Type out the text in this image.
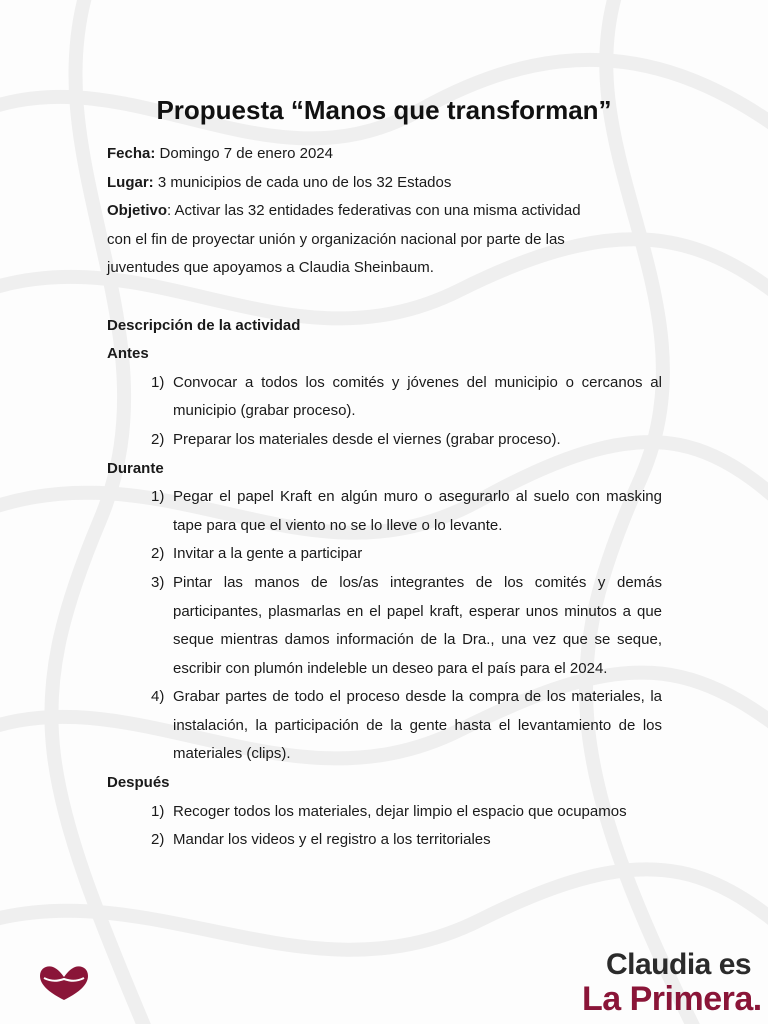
Propuesta “Manos que transforman”

Fecha: Domingo 7 de enero 2024

Lugar: 3 municipios de cada uno de los 32 Estados

Objetivo: Activar las 32 entidades federativas con una misma actividad

con el fin de proyectar unión y organización nacional por parte de las

juventudes que apoyamos a Claudia Sheinbaum.

Descripción de la actividad

Antes

1) Convocar a todos los comités y jóvenes del municipio o cercanos al municipio (grabar proceso).
2) Preparar los materiales desde el viernes (grabar proceso).

Durante

1) Pegar el papel Kraft en algún muro o asegurarlo al suelo con masking tape para que el viento no se lo lleve o lo levante.
2) Invitar a la gente a participar
3) Pintar las manos de los/as integrantes de los comités y demás participantes, plasmarlas en el papel kraft, esperar unos minutos a que seque mientras damos información de la Dra., una vez que se seque, escribir con plumón indeleble un deseo para el país para el 2024.
4) Grabar partes de todo el proceso desde la compra de los materiales, la instalación, la participación de la gente hasta el levantamiento de los materiales (clips).

Después

1) Recoger todos los materiales, dejar limpio el espacio que ocupamos
2) Mandar los videos y el registro a los territoriales
Claudia es
La Primera.
